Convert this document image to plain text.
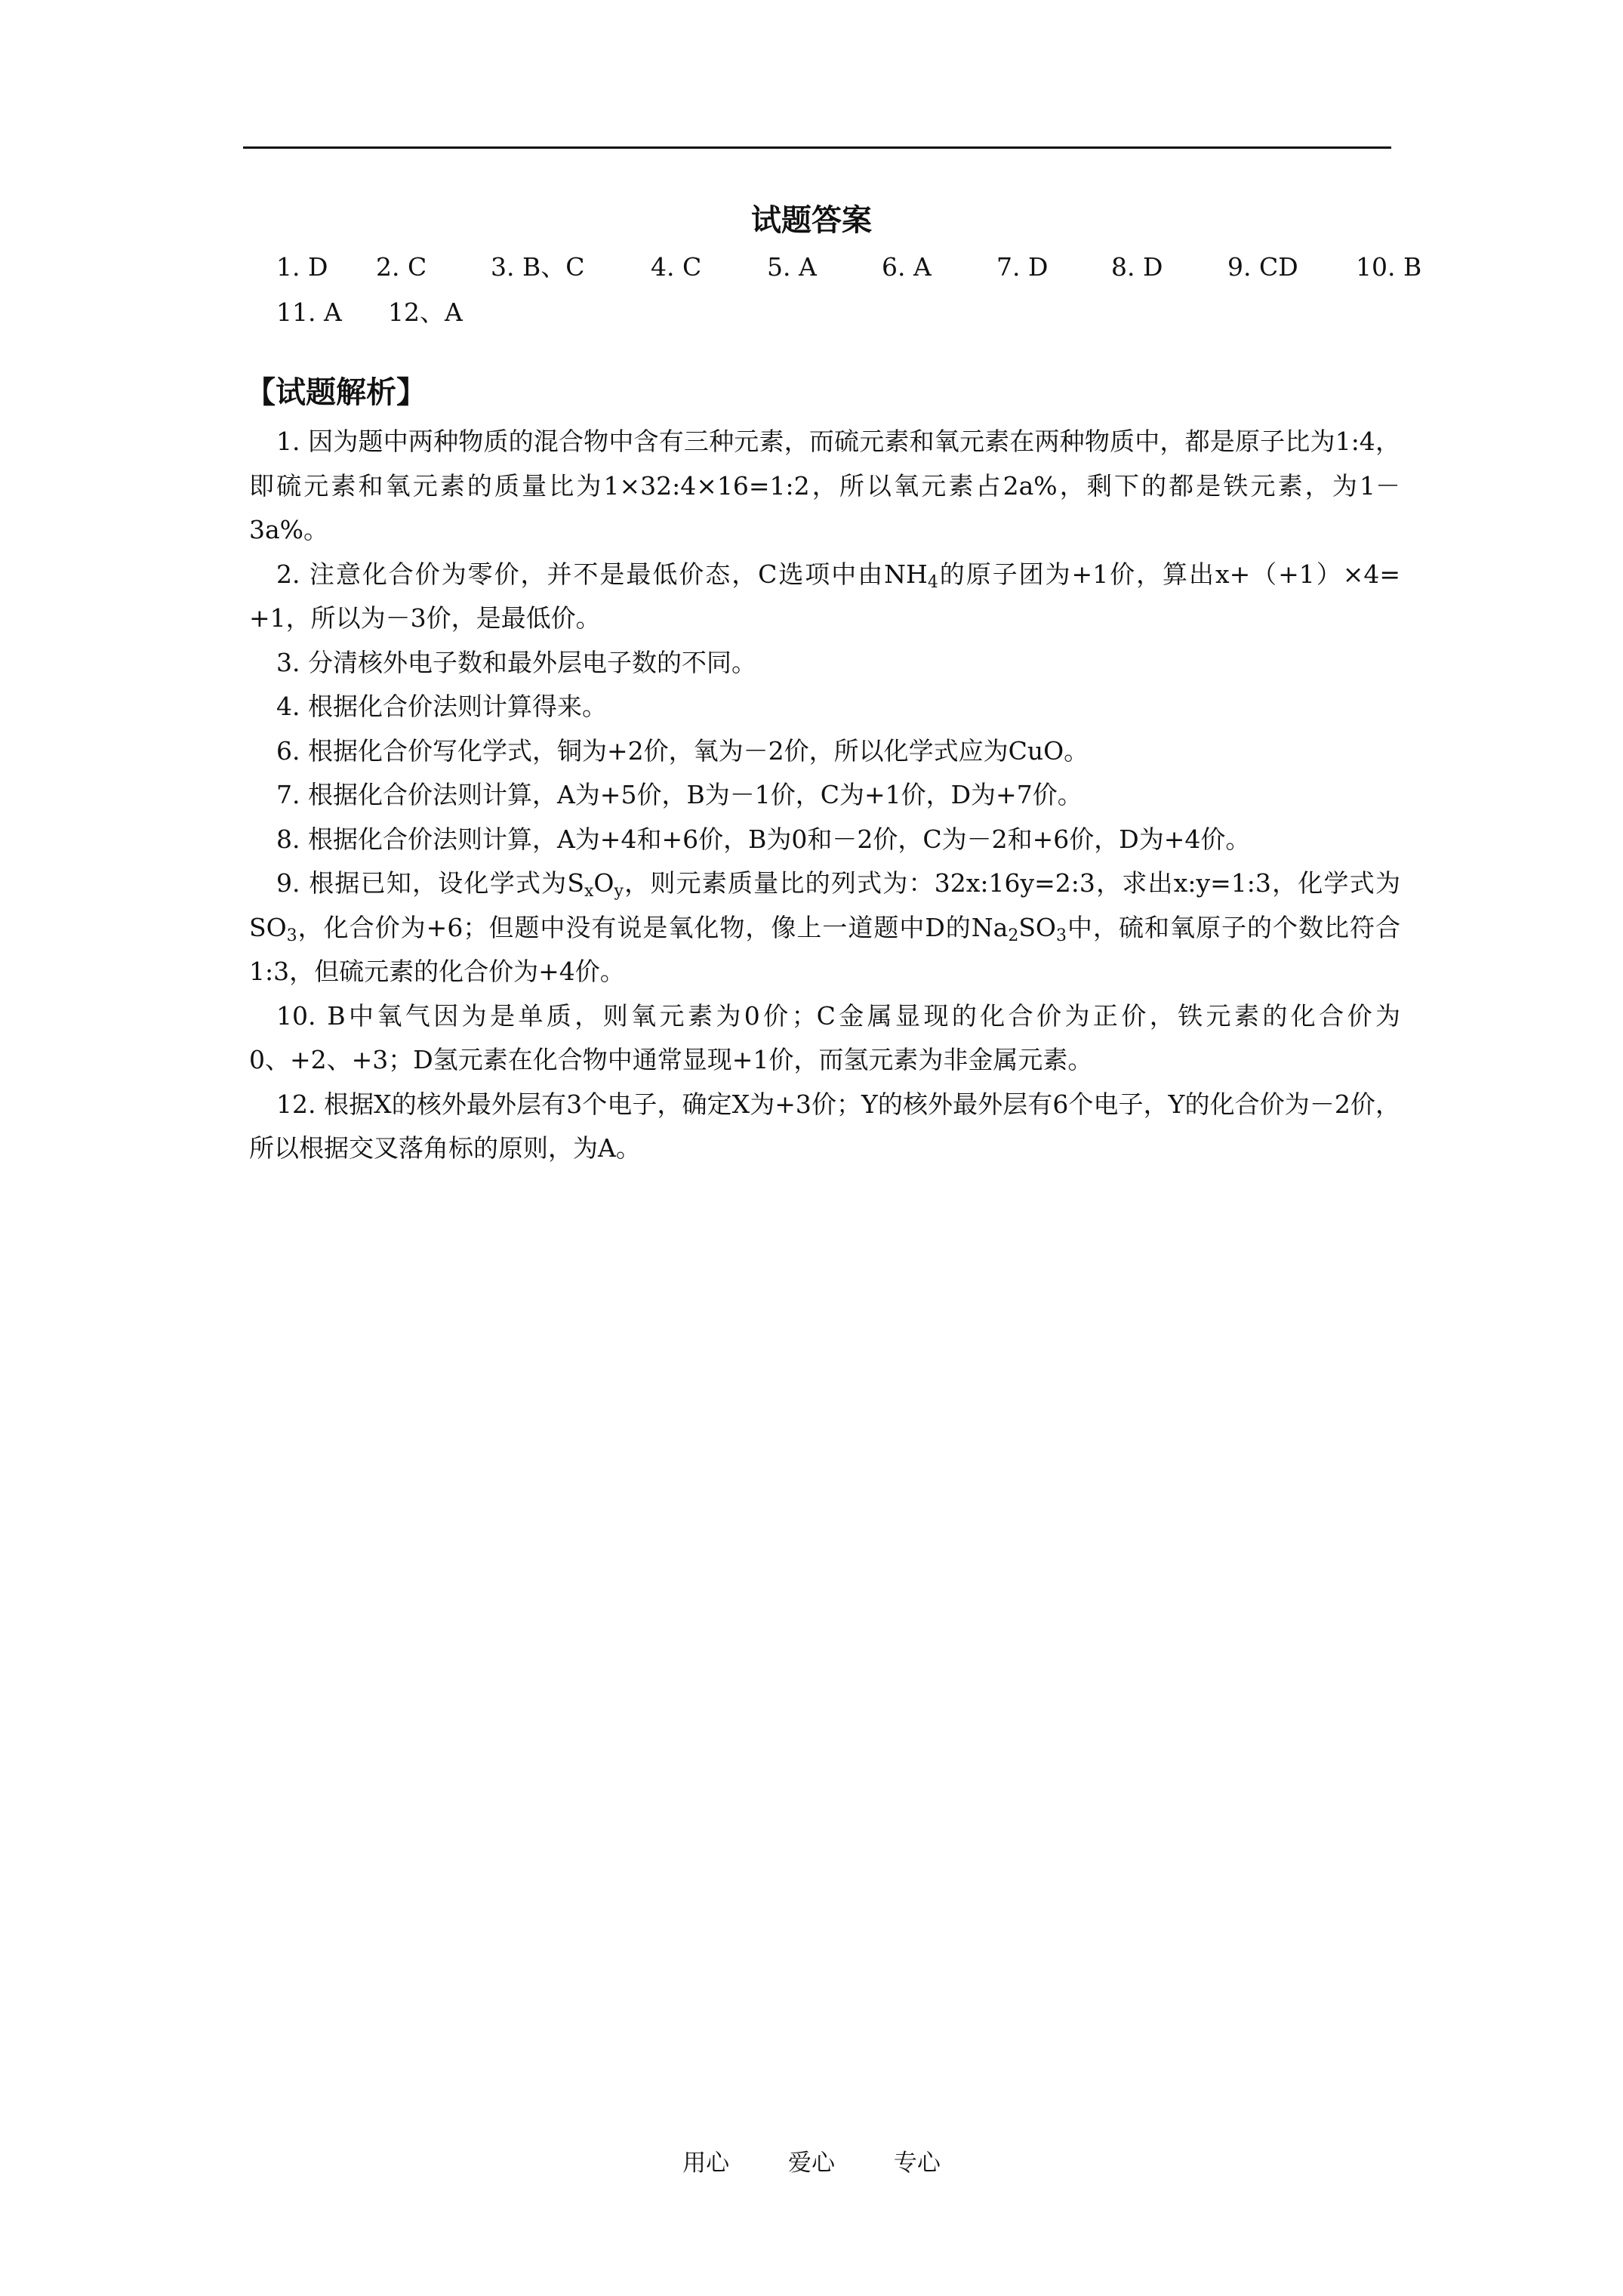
试题答案
1. D 2. C	3. B、C	4. C	5. A	6. A	7. D	8. D	9. CD 10. B
11. A 12、A
【试题解析】

1. 因为题中两种物质的混合物中含有三种元素，而硫元素和氧元素在两种物质中，都是原子比为1:4，即硫元素和氧元素的质量比为1×32:4×16=1:2，所以氧元素占2a%，剩下的都是铁元素，为1－3a%。

2. 注意化合价为零价，并不是最低价态，C选项中由$NH_4$的原子团为+1价，算出x+（+1）×4= +1，所以为－3价，是最低价。

3. 分清核外电子数和最外层电子数的不同。

4. 根据化合价法则计算得来。

6. 根据化合价写化学式，铜为+2价，氧为－2价，所以化学式应为CuO。

7. 根据化合价法则计算，A为+5价，B为－1价，C为+1价，D为+7价。

8. 根据化合价法则计算，A为+4和+6价，B为0和－2价，C为－2和+6价，D为+4价。

9. 根据已知，设化学式为$S_xO_y$，则元素质量比的列式为：32x:16y=2:3，求出x:y=1:3，化学式为$SO_3$，化合价为+6；但题中没有说是氧化物，像上一道题中D的$Na_2SO_3$中，硫和氧原子的个数比符合1:3，但硫元素的化合价为+4价。

10. B中氧气因为是单质，则氧元素为0价；C金属显现的化合价为正价，铁元素的化合价为0、+2、+3；D氢元素在化合物中通常显现+1价，而氢元素为非金属元素。

12. 根据X的核外最外层有3个电子，确定X为+3价；Y的核外最外层有6个电子，Y的化合价为－2价，所以根据交叉落角标的原则，为A。

用心	爱心	专心
